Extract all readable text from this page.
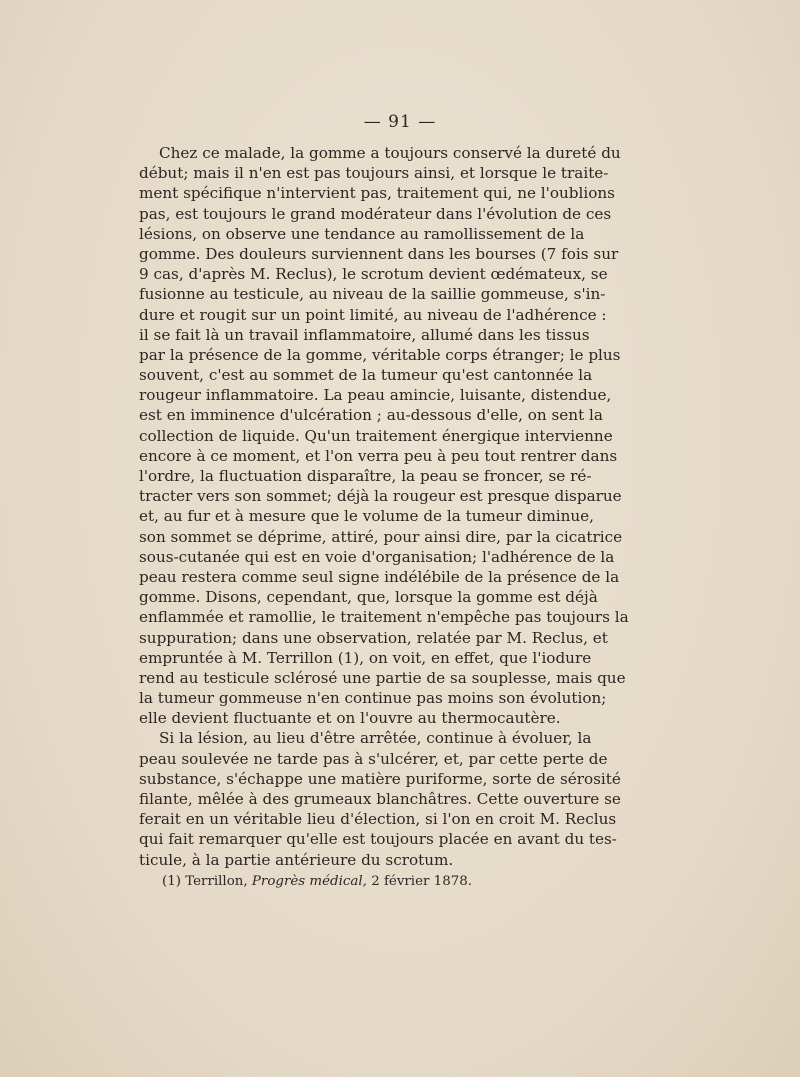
— 91 —
Chez ce malade, la gomme a toujours conservé la dureté du
début; mais il n'en est pas toujours ainsi, et lorsque le traite-
ment spécifique n'intervient pas, traitement qui, ne l'oublions
pas, est toujours le grand modérateur dans l'évolution de ces
lésions, on observe une tendance au ramollissement de la
gomme. Des douleurs surviennent dans les bourses (7 fois sur
9 cas, d'après M. Reclus), le scrotum devient œdémateux, se
fusionne au testicule, au niveau de la saillie gommeuse, s'in-
dure et rougit sur un point limité, au niveau de l'adhérence :
il se fait là un travail inflammatoire, allumé dans les tissus
par la présence de la gomme, véritable corps étranger; le plus
souvent, c'est au sommet de la tumeur qu'est cantonnée la
rougeur inflammatoire. La peau amincie, luisante, distendue,
est en imminence d'ulcération ; au-dessous d'elle, on sent la
collection de liquide. Qu'un traitement énergique intervienne
encore à ce moment, et l'on verra peu à peu tout rentrer dans
l'ordre, la fluctuation disparaître, la peau se froncer, se ré-
tracter vers son sommet; déjà la rougeur est presque disparue
et, au fur et à mesure que le volume de la tumeur diminue,
son sommet se déprime, attiré, pour ainsi dire, par la cicatrice
sous-cutanée qui est en voie d'organisation; l'adhérence de la
peau restera comme seul signe indélébile de la présence de la
gomme. Disons, cependant, que, lorsque la gomme est déjà
enflammée et ramollie, le traitement n'empêche pas toujours la
suppuration; dans une observation, relatée par M. Reclus, et
empruntée à M. Terrillon (1), on voit, en effet, que l'iodure
rend au testicule sclérosé une partie de sa souplesse, mais que
la tumeur gommeuse n'en continue pas moins son évolution;
elle devient fluctuante et on l'ouvre au thermocautère.
Si la lésion, au lieu d'être arrêtée, continue à évoluer, la
peau soulevée ne tarde pas à s'ulcérer, et, par cette perte de
substance, s'échappe une matière puriforme, sorte de sérosité
filante, mêlée à des grumeaux blanchâtres. Cette ouverture se
ferait en un véritable lieu d'élection, si l'on en croit M. Reclus
qui fait remarquer qu'elle est toujours placée en avant du tes-
ticule, à la partie antérieure du scrotum.
(1) Terrillon, Progrès médical, 2 février 1878.
